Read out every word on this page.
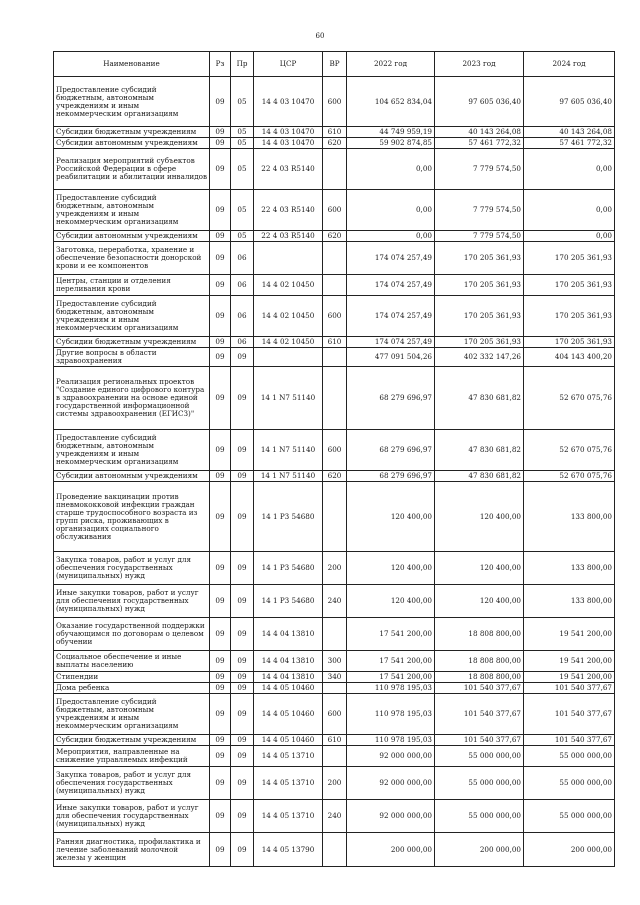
60
Наименование	Рз	Пр	ЦСР	ВР	2022 год	2023 год	2024 год
Предоставление субсидий бюджетным, автономным учреждениям и иным некоммерческим организациям	09	05	14 4 03 10470	600	104 652 834,04	97 605 036,40	97 605 036,40
Субсидии бюджетным учреждениям	09	05	14 4 03 10470	610	44 749 959,19	40 143 264,08	40 143 264,08
Субсидии автономным учреждениям	09	05	14 4 03 10470	620	59 902 874,85	57 461 772,32	57 461 772,32
Реализация мероприятий субъектов Российской Федерации в сфере реабилитации и абилитации инвалидов	09	05	22 4 03 R5140		0,00	7 779 574,50	0,00
Предоставление субсидий бюджетным, автономным учреждениям и иным некоммерческим организациям	09	05	22 4 03 R5140	600	0,00	7 779 574,50	0,00
Субсидии автономным учреждениям	09	05	22 4 03 R5140	620	0,00	7 779 574,50	0,00
Заготовка, переработка, хранение и обеспечение безопасности донорской крови и ее компонентов	09	06			174 074 257,49	170 205 361,93	170 205 361,93
Центры, станции и отделения переливания крови	09	06	14 4 02 10450		174 074 257,49	170 205 361,93	170 205 361,93
Предоставление субсидий бюджетным, автономным учреждениям и иным некоммерческим организациям	09	06	14 4 02 10450	600	174 074 257,49	170 205 361,93	170 205 361,93
Субсидии бюджетным учреждениям	09	06	14 4 02 10450	610	174 074 257,49	170 205 361,93	170 205 361,93
Другие вопросы в области здравоохранения	09	09			477 091 504,26	402 332 147,26	404 143 400,20
Реализация региональных проектов "Создание единого цифрового контура в здравоохранении на основе единой государственной информационной системы здравоохранения (ЕГИСЗ)"	09	09	14 1 N7 51140		68 279 696,97	47 830 681,82	52 670 075,76
Предоставление субсидий бюджетным, автономным учреждениям и иным некоммерческим организациям	09	09	14 1 N7 51140	600	68 279 696,97	47 830 681,82	52 670 075,76
Субсидии автономным учреждениям	09	09	14 1 N7 51140	620	68 279 696,97	47 830 681,82	52 670 075,76
Проведение вакцинации против пневмококковой инфекции граждан старше трудоспособного возраста из групп риска, проживающих в организациях социального обслуживания	09	09	14 1 P3 54680		120 400,00	120 400,00	133 800,00
Закупка товаров, работ и услуг для обеспечения государственных (муниципальных) нужд	09	09	14 1 P3 54680	200	120 400,00	120 400,00	133 800,00
Иные закупки товаров, работ и услуг для обеспечения государственных (муниципальных) нужд	09	09	14 1 P3 54680	240	120 400,00	120 400,00	133 800,00
Оказание государственной поддержки обучающимся по договорам о целевом обучении	09	09	14 4 04 13810		17 541 200,00	18 808 800,00	19 541 200,00
Социальное обеспечение и иные выплаты населению	09	09	14 4 04 13810	300	17 541 200,00	18 808 800,00	19 541 200,00
Стипендии	09	09	14 4 04 13810	340	17 541 200,00	18 808 800,00	19 541 200,00
Дома ребенка	09	09	14 4 05 10460		110 978 195,03	101 540 377,67	101 540 377,67
Предоставление субсидий бюджетным, автономным учреждениям и иным некоммерческим организациям	09	09	14 4 05 10460	600	110 978 195,03	101 540 377,67	101 540 377,67
Субсидии бюджетным учреждениям	09	09	14 4 05 10460	610	110 978 195,03	101 540 377,67	101 540 377,67
Мероприятия, направленные на снижение управляемых инфекций	09	09	14 4 05 13710		92 000 000,00	55 000 000,00	55 000 000,00
Закупка товаров, работ и услуг для обеспечения государственных (муниципальных) нужд	09	09	14 4 05 13710	200	92 000 000,00	55 000 000,00	55 000 000,00
Иные закупки товаров, работ и услуг для обеспечения государственных (муниципальных) нужд	09	09	14 4 05 13710	240	92 000 000,00	55 000 000,00	55 000 000,00
Ранняя диагностика, профилактика и лечение заболеваний молочной железы у женщин	09	09	14 4 05 13790		200 000,00	200 000,00	200 000,00
